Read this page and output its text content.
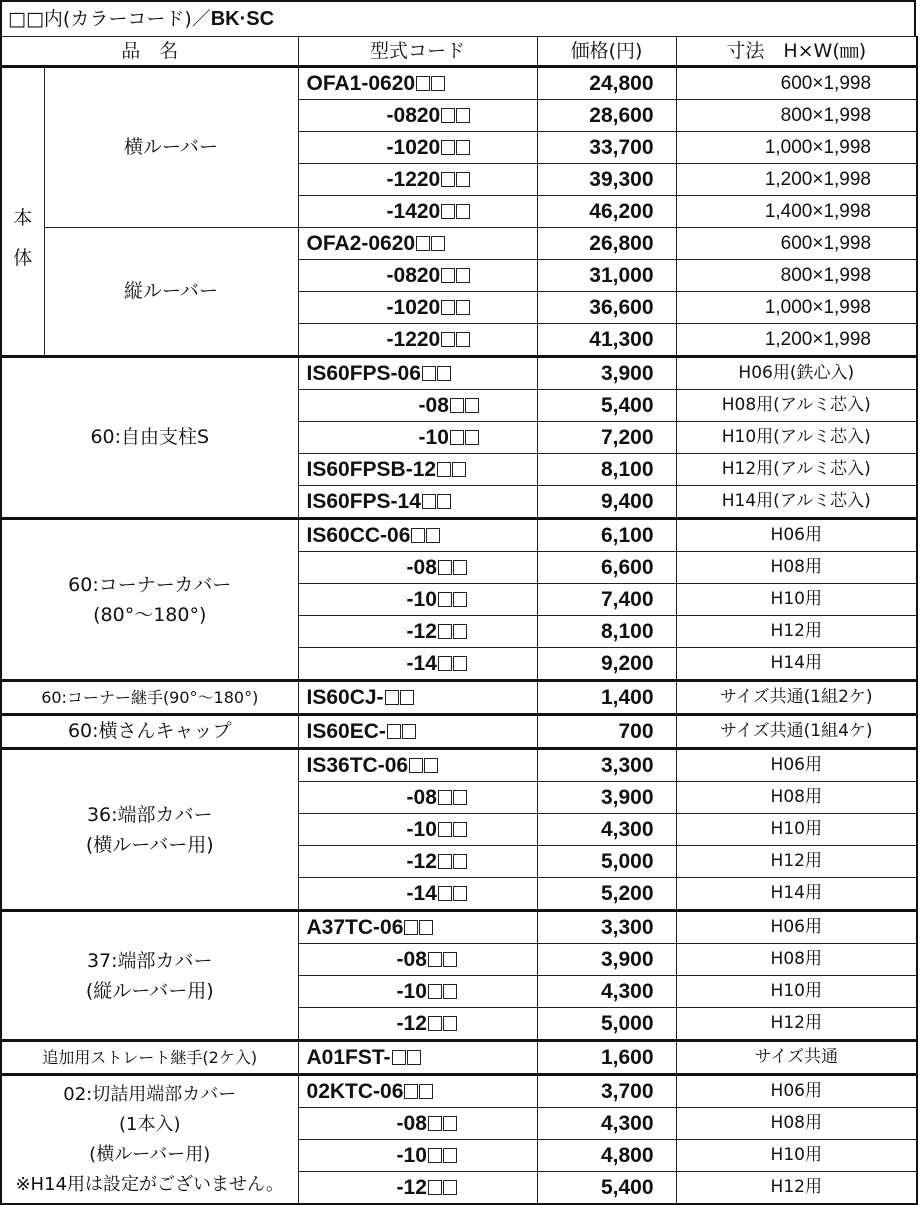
□□内(カラーコード)／BK·SC
品　名		型式コード	価格(円)	寸法　H×W(㎜)
本
体	横ルーバー	OFA1-0620	24,800	600×1,998
		-0820	28,600	800×1,998
		-1020	33,700	1,000×1,998
		-1220	39,300	1,200×1,998
		-1420	46,200	1,400×1,998
	縦ルーバー	OFA2-0620	26,800	600×1,998
		-0820	31,000	800×1,998
		-1020	36,600	1,000×1,998
		-1220	41,300	1,200×1,998
60:自由支柱S		IS60FPS-06	3,900	H06用(鉄心入)
		-08	5,400	H08用(アルミ芯入)
		-10	7,200	H10用(アルミ芯入)
		IS60FPSB-12	8,100	H12用(アルミ芯入)
		IS60FPS-14	9,400	H14用(アルミ芯入)
60:コーナーカバー
(80°～180°)		IS60CC-06	6,100	H06用
		-08	6,600	H08用
		-10	7,400	H10用
		-12	8,100	H12用
		-14	9,200	H14用
60:コーナー継手(90°～180°)		IS60CJ-	1,400	サイズ共通(1組2ケ)
60:横さんキャップ		IS60EC-	700	サイズ共通(1組4ケ)
36:端部カバー
(横ルーバー用)		IS36TC-06	3,300	H06用
		-08	3,900	H08用
		-10	4,300	H10用
		-12	5,000	H12用
		-14	5,200	H14用
37:端部カバー
(縦ルーバー用)		A37TC-06	3,300	H06用
		-08	3,900	H08用
		-10	4,300	H10用
		-12	5,000	H12用
追加用ストレート継手(2ケ入)		A01FST-	1,600	サイズ共通
02:切詰用端部カバー
(1本入)
(横ルーバー用)
※H14用は設定がございません。		02KTC-06	3,700	H06用
		-08	4,300	H08用
		-10	4,800	H10用
		-12	5,400	H12用
